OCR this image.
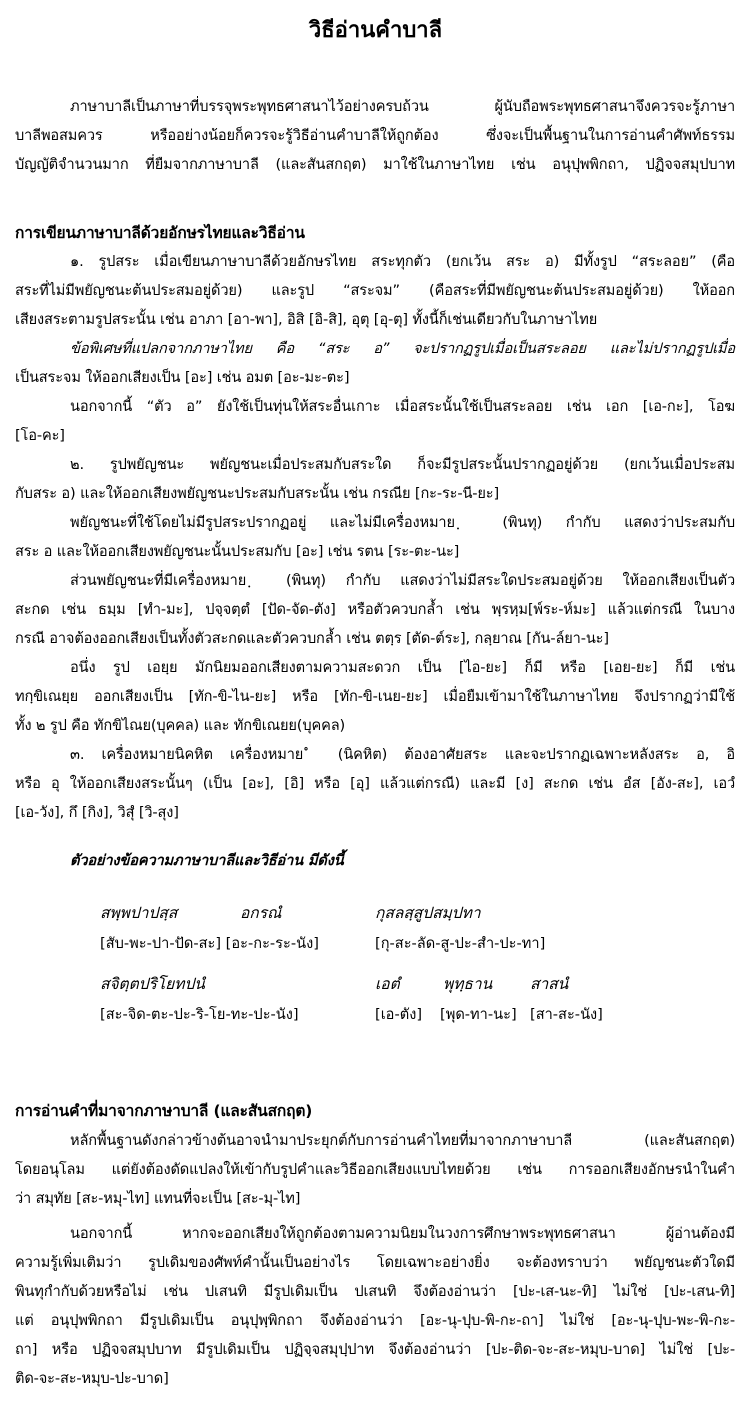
วิธีอ่านคำบาลี
ภาษาบาลีเป็นภาษาที่บรรจุพระพุทธศาสนาไว้อย่างครบถ้วน ผู้นับถือพระพุทธศาสนาจึงควรจะรู้ภาษา
บาลีพอสมควร หรืออย่างน้อยก็ควรจะรู้วิธีอ่านคำบาลีให้ถูกต้อง ซึ่งจะเป็นพื้นฐานในการอ่านคำศัพท์ธรรม
บัญญัติจำนวนมาก ที่ยืมจากภาษาบาลี (และสันสกฤต) มาใช้ในภาษาไทย เช่น อนุปุพพิกถา, ปฏิจจสมุปบาท
การเขียนภาษาบาลีด้วยอักษรไทยและวิธีอ่าน
๑. รูปสระ เมื่อเขียนภาษาบาลีด้วยอักษรไทย สระทุกตัว (ยกเว้น สระ อ) มีทั้งรูป “สระลอย” (คือ
สระที่ไม่มีพยัญชนะต้นประสมอยู่ด้วย) และรูป “สระจม” (คือสระที่มีพยัญชนะต้นประสมอยู่ด้วย) ให้ออก
เสียงสระตามรูปสระนั้น เช่น อาภา [อา-พา], อิสิ [อิ-สิ], อุตุ [อุ-ตุ] ทั้งนี้ก็เช่นเดียวกับในภาษาไทย
ข้อพิเศษที่แปลกจากภาษาไทย คือ “สระ อ” จะปรากฏรูปเมื่อเป็นสระลอย และไม่ปรากฏรูปเมื่อ
เป็นสระจม ให้ออกเสียงเป็น [อะ] เช่น อมต [อะ-มะ-ตะ]
นอกจากนี้ “ตัว อ” ยังใช้เป็นทุ่นให้สระอื่นเกาะ เมื่อสระนั้นใช้เป็นสระลอย เช่น เอก [เอ-กะ], โอฆ
[โอ-คะ]
๒. รูปพยัญชนะ พยัญชนะเมื่อประสมกับสระใด ก็จะมีรูปสระนั้นปรากฏอยู่ด้วย (ยกเว้นเมื่อประสม
กับสระ อ) และให้ออกเสียงพยัญชนะประสมกับสระนั้น เช่น กรณีย [กะ-ระ-นี-ยะ]
พยัญชนะที่ใช้โดยไม่มีรูปสระปรากฏอยู่ และไม่มีเครื่องหมาย ฺ (พินทุ) กำกับ แสดงว่าประสมกับ
สระ อ และให้ออกเสียงพยัญชนะนั้นประสมกับ [อะ] เช่น รตน [ระ-ตะ-นะ]
ส่วนพยัญชนะที่มีเครื่องหมาย ฺ (พินทุ) กำกับ แสดงว่าไม่มีสระใดประสมอยู่ด้วย ให้ออกเสียงเป็นตัว
สะกด เช่น ธมฺม [ทำ-มะ], ปจฺจตฺตํ [ปัด-จัด-ตัง] หรือตัวควบกล้ำ เช่น พฺรหฺม[พ์ระ-ห์มะ] แล้วแต่กรณี ในบาง
กรณี อาจต้องออกเสียงเป็นทั้งตัวสะกดและตัวควบกล้ำ เช่น ตตฺร [ตัด-ต์ระ], กลฺยาณ [กัน-ล์ยา-นะ]
อนึ่ง รูป เอยฺย มักนิยมออกเสียงตามความสะดวก เป็น [ไอ-ยะ] ก็มี หรือ [เอย-ยะ] ก็มี เช่น
ทกฺขิเณยฺย ออกเสียงเป็น [ทัก-ขิ-ไน-ยะ] หรือ [ทัก-ขิ-เนย-ยะ] เมื่อยืมเข้ามาใช้ในภาษาไทย จึงปรากฏว่ามีใช้
ทั้ง ๒ รูป คือ ทักขิไณย(บุคคล) และ ทักขิเณยย(บุคคล)
๓. เครื่องหมายนิคหิต เครื่องหมาย ํ (นิคหิต) ต้องอาศัยสระ และจะปรากฏเฉพาะหลังสระ อ, อิ
หรือ อุ ให้ออกเสียงสระนั้นๆ (เป็น [อะ], [อิ] หรือ [อุ] แล้วแต่กรณี) และมี [ง] สะกด เช่น อํส [อัง-สะ], เอวํ
[เอ-วัง], กึ [กิง], วิสุํ [วิ-สุง]
ตัวอย่างข้อความภาษาบาลีและวิธีอ่าน มีดังนี้
สพฺพปาปสฺส	อกรณํ	กุสลสฺสูปสมฺปทา
[สับ-พะ-ปา-ปัด-สะ] [อะ-กะ-ระ-นัง]	[กุ-สะ-ลัด-สู-ปะ-สำ-ปะ-ทา]
สจิตฺตปริโยทปนํ	เอตํ	พุทฺธาน สาสนํ
[สะ-จิด-ตะ-ปะ-ริ-โย-ทะ-ปะ-นัง]	[เอ-ตัง] [พุด-ทา-นะ] [สา-สะ-นัง]
การอ่านคำที่มาจากภาษาบาลี (และสันสกฤต)
หลักพื้นฐานดังกล่าวข้างต้นอาจนำมาประยุกต์กับการอ่านคำไทยที่มาจากภาษาบาลี (และสันสกฤต)
โดยอนุโลม แต่ยังต้องดัดแปลงให้เข้ากับรูปคำและวิธีออกเสียงแบบไทยด้วย เช่น การออกเสียงอักษรนำในคำ
ว่า สมุทัย [สะ-หมุ-ไท] แทนที่จะเป็น [สะ-มุ-ไท]
นอกจากนี้ หากจะออกเสียงให้ถูกต้องตามความนิยมในวงการศึกษาพระพุทธศาสนา ผู้อ่านต้องมี
ความรู้เพิ่มเติมว่า รูปเดิมของศัพท์คำนั้นเป็นอย่างไร โดยเฉพาะอย่างยิ่ง จะต้องทราบว่า พยัญชนะตัวใดมี
พินทุกำกับด้วยหรือไม่ เช่น ปเสนทิ มีรูปเดิมเป็น ปเสนทิ จึงต้องอ่านว่า [ปะ-เส-นะ-ทิ] ไม่ใช่ [ปะ-เสน-ทิ]
แต่ อนุปุพพิกถา มีรูปเดิมเป็น อนุปุพฺพิกถา จึงต้องอ่านว่า [อะ-นุ-ปุบ-พิ-กะ-ถา] ไม่ใช่ [อะ-นุ-ปุบ-พะ-พิ-กะ-
ถา] หรือ ปฏิจจสมุปบาท มีรูปเดิมเป็น ปฏิจฺจสมุปฺปาท จึงต้องอ่านว่า [ปะ-ติด-จะ-สะ-หมุบ-บาด] ไม่ใช่ [ปะ-
ติด-จะ-สะ-หมุบ-ปะ-บาด]
